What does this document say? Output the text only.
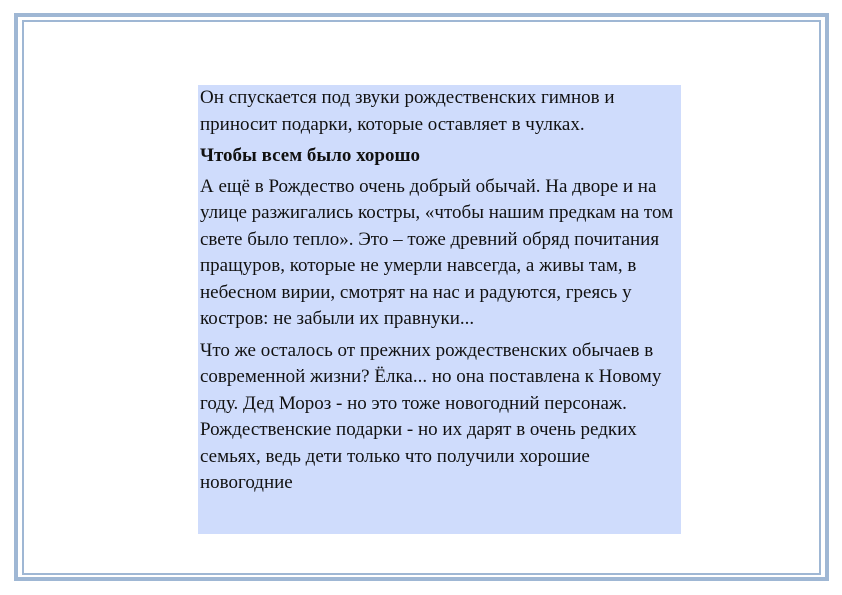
Он спускается под звуки рождественских гимнов и приносит подарки, которые оставляет в чулках.

Чтобы всем было хорошо

А ещё в Рождество очень добрый обычай. На дворе и на улице разжигались костры, «чтобы нашим предкам на том свете было тепло». Это – тоже древний обряд почитания пращуров, которые не умерли навсегда, а живы там, в небесном вирии, смотрят на нас и радуются, греясь у костров: не забыли их правнуки...

Что же осталось от прежних рождественских обычаев в современной жизни? Ёлка... но она поставлена к Новому году. Дед Мороз - но это тоже новогодний персонаж. Рождественские подарки - но их дарят в очень редких семьях, ведь дети только что получили хорошие новогодние
